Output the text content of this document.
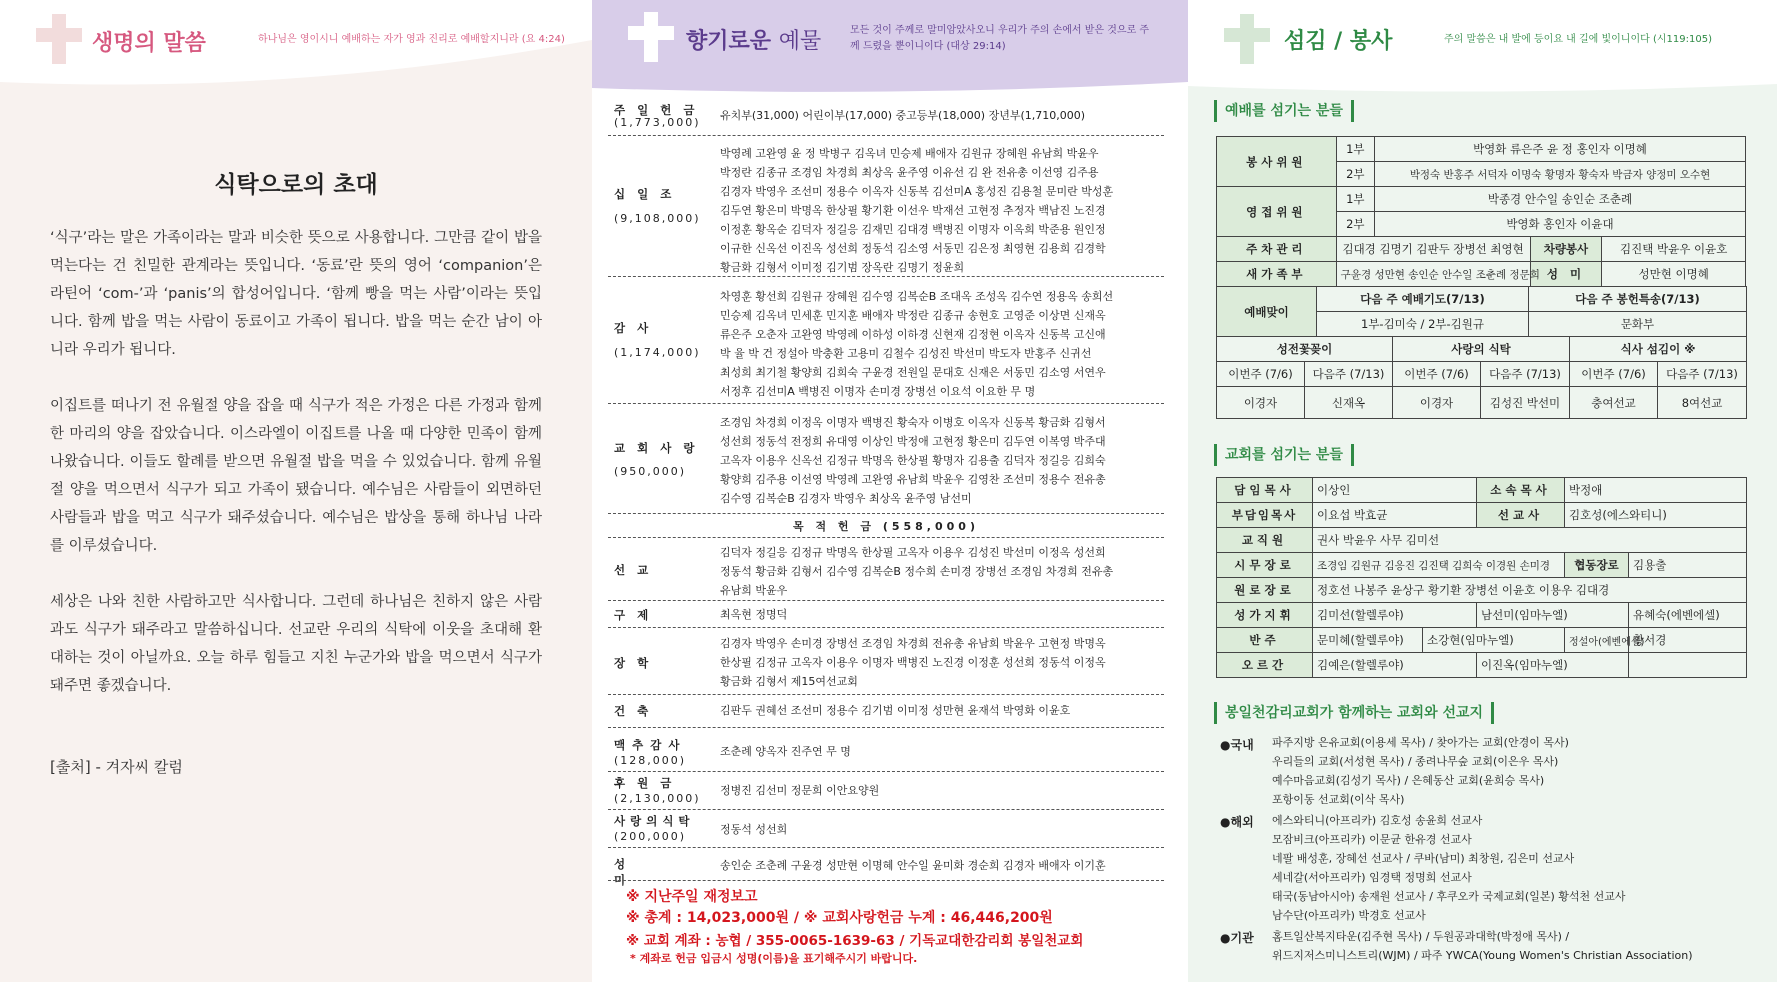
생명의 말씀	하나님은 영이시니 예배하는 자가 영과 진리로 예배할지니라 (요 4:24)
식탁으로의 초대
‘식구’라는 말은 가족이라는 말과 비슷한 뜻으로 사용합니다. 그만큼 같이 밥을 먹는다는 건 친밀한 관계라는 뜻입니다. ‘동료’란 뜻의 영어 ‘companion’은 라틴어 ‘com-’과 ‘panis’의 합성어입니다. ‘함께 빵을 먹는 사람’이라는 뜻입니다. 함께 밥을 먹는 사람이 동료이고 가족이 됩니다. 밥을 먹는 순간 남이 아니라 우리가 됩니다.
이집트를 떠나기 전 유월절 양을 잡을 때 식구가 적은 가정은 다른 가정과 함께 한 마리의 양을 잡았습니다. 이스라엘이 이집트를 나올 때 다양한 민족이 함께 나왔습니다. 이들도 할례를 받으면 유월절 밥을 먹을 수 있었습니다. 함께 유월절 양을 먹으면서 식구가 되고 가족이 됐습니다. 예수님은 사람들이 외면하던 사람들과 밥을 먹고 식구가 돼주셨습니다. 예수님은 밥상을 통해 하나님 나라를 이루셨습니다.
세상은 나와 친한 사람하고만 식사합니다. 그런데 하나님은 친하지 않은 사람과도 식구가 돼주라고 말씀하십니다. 선교란 우리의 식탁에 이웃을 초대해 환대하는 것이 아닐까요. 오늘 하루 힘들고 지친 누군가와 밥을 먹으면서 식구가 돼주면 좋겠습니다.
[출처] - 겨자씨 칼럼
향기로운 예물	모든 것이 주께로 말미암았사오니 우리가 주의 손에서 받은 것으로 주께 드렸을 뿐이니이다 (대상 29:14)
주일헌금
(1,773,000)
유치부(31,000) 어린이부(17,000) 중고등부(18,000) 장년부(1,710,000)
십일조
(9,108,000)
박영례 고완영 윤 정 박병구 김옥녀 민승제 배애자 김원규 장혜원 유남희 박윤우
박정란 김종규 조경임 차경희 최상옥 윤주영 이유선 김 완 전유총 이선영 김주용
김경자 박영우 조선미 정용수 이옥자 신동복 김선미A 홍성진 김용철 문미란 박성훈
김두연 황은미 박명옥 한상필 황기환 이선우 박재선 고현정 추정자 백남진 노진경
이정훈 황옥순 김덕자 정길응 김재민 김대경 백병진 이명자 이옥희 박준용 원인정
이규한 신옥선 이진옥 성선희 정동석 김소영 서동민 김은정 최영현 김용희 김경학
황금화 김형서 이미정 김기범 장옥란 김명기 정윤희
감사
(1,174,000)
차영훈 황선희 김원규 장혜원 김수영 김복순B 조대옥 조성옥 김수연 정용옥 송희선
민승제 김옥녀 민세훈 민지훈 배애자 박정란 김종규 송현호 고영준 이상면 신재옥
류은주 오춘자 고완영 박영례 이하성 이하경 신현재 김정현 이옥자 신동복 고신애
박 율 박 건 정설아 박충환 고용미 김철수 김성진 박선미 박도자 반홍주 신귀선
최성희 최기철 황양희 김희숙 구윤경 전원일 문대호 신재은 서동민 김소영 서연우
서정후 김선미A 백병진 이명자 손미경 장병선 이요석 이요한 무 명
교회사랑
(950,000)
조경임 차경희 이정옥 이명자 백병진 황숙자 이병호 이옥자 신동복 황금화 김형서
성선희 정동석 전정희 유대영 이상인 박정애 고현정 황은미 김두연 이복영 박주대
고옥자 이용우 신옥선 김정규 박명옥 한상필 황명자 김용출 김덕자 정길응 김희숙
황양희 김주용 이선영 박영례 고완영 유남희 박윤우 김영찬 조선미 정용수 전유총
김수영 김복순B 김경자 박영우 최상옥 윤주영 남선미
목 적 헌 금 (558,000)
선교
김덕자 정길응 김정규 박명옥 한상필 고옥자 이용우 김성진 박선미 이정옥 성선희
정동석 황금화 김형서 김수영 김복순B 정수희 손미경 장병선 조경임 차경희 전유총
유남희 박윤우
구제	최옥현 정명덕
장학
김경자 박영우 손미경 장병선 조경임 차경희 전유총 유남희 박윤우 고현정 박명옥
한상필 김정규 고옥자 이용우 이명자 백병진 노진경 이정훈 성선희 정동석 이정옥
황금화 김형서 제15여선교회
건축	김판두 권혜선 조선미 정용수 김기범 이미정 성만현 윤재석 박영화 이윤호
맥추감사
(128,000)
조춘례 양옥자 진주연 무 명
후원금
(2,130,000)
정병진 김선미 정문희 이안요양원
사랑의식탁
(200,000)
정동석 성선희
성미
송인순 조춘례 구윤경 성만현 이명혜 안수일 윤미화 경순희 김경자 배애자 이기훈
※ 지난주일 재정보고
※ 총계 : 14,023,000원 / ※ 교회사랑헌금 누계 : 46,446,200원
※ 교회 계좌 : 농협 / 355-0065-1639-63 / 기독교대한감리회 봉일천교회
* 계좌로 헌금 입금시 성명(이름)을 표기해주시기 바랍니다.
섬김 / 봉사	주의 말씀은 내 발에 등이요 내 길에 빛이니이다 (시119:105)
예배를 섬기는 분들
봉사위원	1부	박영화 류은주 윤 정 홍인자 이명혜		
	2부	박정숙 반홍주 서덕자 이명숙 황명자 황숙자 박금자 양정미 오수현		
영접위원	1부	박종경 안수일 송인순 조춘례		
	2부	박영화 홍인자 이윤대		
주차관리	김대경 김명기 김판두 장병선 최영현		차량봉사	김진택 박윤우 이윤호
새가족부	구윤경 성만현 송인순 안수일 조춘례 정문희		성 미	성만현 이명혜
예배맞이	다음 주 예배기도(7/13)	다음 주 봉헌특송(7/13)
	1부-김미숙 / 2부-김원규	문화부
성전꽃꽂이		사랑의 식탁		식사 섬김이 ※	
이번주 (7/6)	다음주 (7/13)	이번주 (7/6)	다음주 (7/13)	이번주 (7/6)	다음주 (7/13)
이경자	신재옥	이경자	김성진 박선미	충여선교	8여선교
교회를 섬기는 분들
담임목사	이상인		소속목사	박정애	
부담임목사	이요섭 박효균		선교사	김호성(에스와티니)	
교직원	권사 박윤우 사무 김미선				
시무장로	조경임 김원규 김응진 김진택 김희숙 이경원 손미경			협동장로	김용출
원로장로	정호선 나봉주 윤상구 황기환 장병선 이윤호 이용우 김대경				
성가지휘	김미선(할렐루야)		남선미(임마누엘)		유혜숙(에벤에셀)
반주	문미혜(할렐루야)	소강현(임마누엘)		정설아(에벤에셀)	황서경
오르간	김예은(할렐루야)		이진옥(임마누엘)		
봉일천감리교회가 함께하는 교회와 선교지
●국내 파주지방 은유교회(이용세 목사) / 찾아가는 교회(안경이 목사)
우리들의 교회(서성현 목사) / 종려나무숲 교회(이은우 목사)
예수마음교회(김성기 목사) / 은혜동산 교회(윤희승 목사)
포항이동 선교회(이삭 목사)
●해외 에스와티니(아프리카) 김호성 송윤희 선교사
모잠비크(아프리카) 이문균 한유경 선교사
네팔 배성훈, 장혜선 선교사 / 쿠바(남미) 최창원, 김은미 선교사
세네갈(서아프리카) 임경택 정명희 선교사
태국(동남아시아) 송재원 선교사 / 후쿠오카 국제교회(일본) 황석천 선교사
남수단(아프리카) 박경호 선교사
●기관 홈트일산복지타운(김주현 목사) / 두원공과대학(박정애 목사) /
위드지저스미니스트리(WJM) / 파주 YWCA(Young Women's Christian Association)
